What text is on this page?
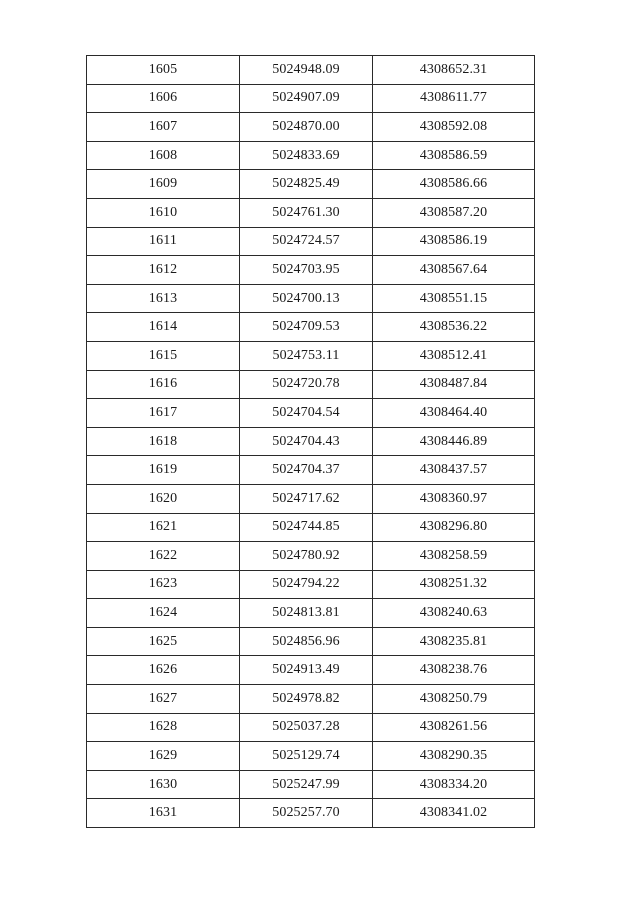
1605	5024948.09	4308652.31
1606	5024907.09	4308611.77
1607	5024870.00	4308592.08
1608	5024833.69	4308586.59
1609	5024825.49	4308586.66
1610	5024761.30	4308587.20
1611	5024724.57	4308586.19
1612	5024703.95	4308567.64
1613	5024700.13	4308551.15
1614	5024709.53	4308536.22
1615	5024753.11	4308512.41
1616	5024720.78	4308487.84
1617	5024704.54	4308464.40
1618	5024704.43	4308446.89
1619	5024704.37	4308437.57
1620	5024717.62	4308360.97
1621	5024744.85	4308296.80
1622	5024780.92	4308258.59
1623	5024794.22	4308251.32
1624	5024813.81	4308240.63
1625	5024856.96	4308235.81
1626	5024913.49	4308238.76
1627	5024978.82	4308250.79
1628	5025037.28	4308261.56
1629	5025129.74	4308290.35
1630	5025247.99	4308334.20
1631	5025257.70	4308341.02
